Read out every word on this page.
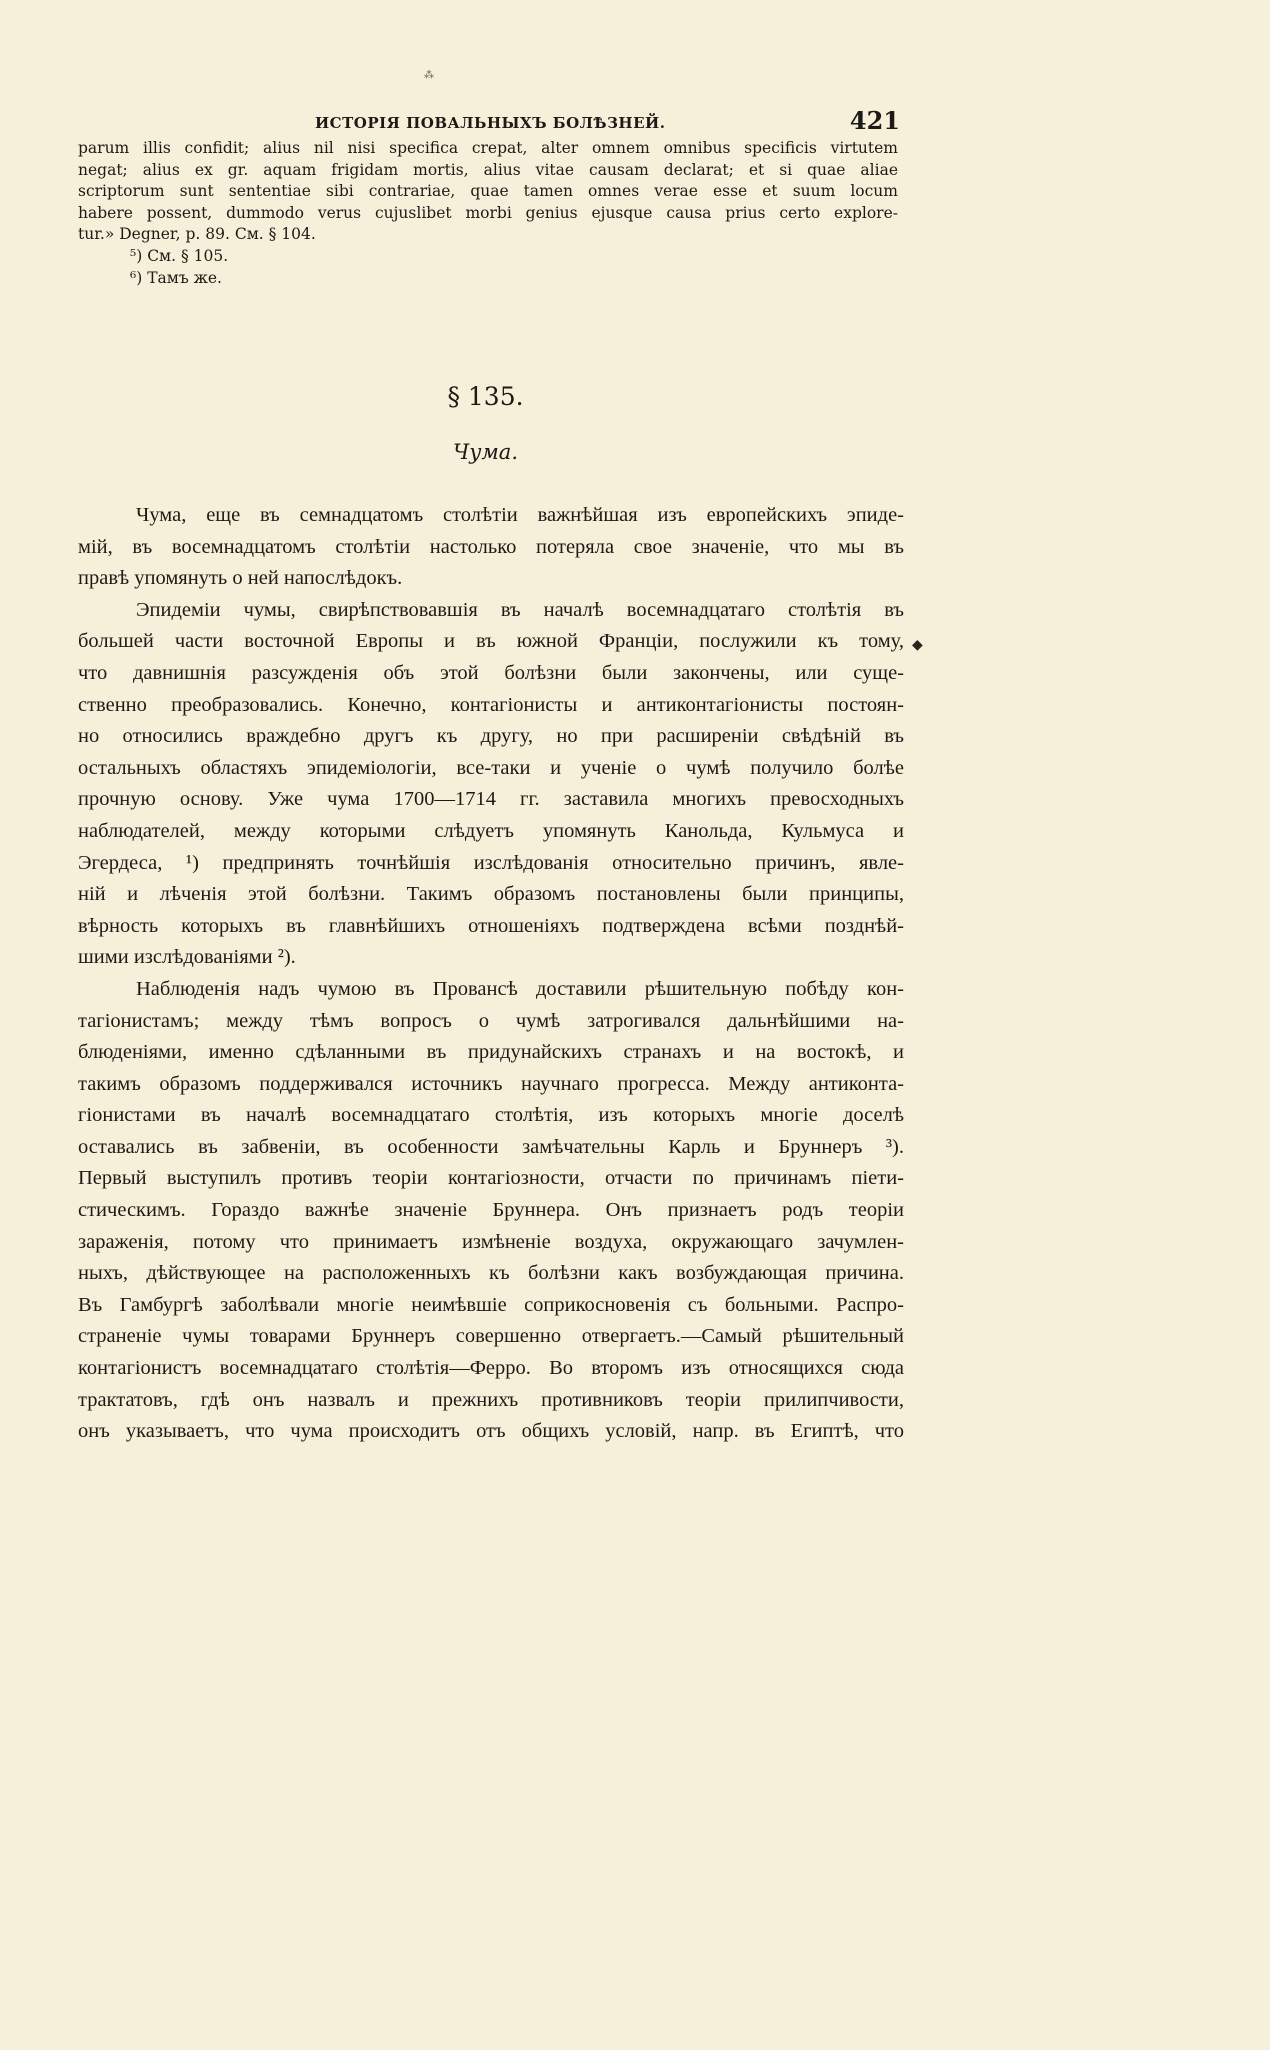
⁂
ИСТОРІЯ ПОВАЛЬНЫХЪ БОЛѢЗНЕЙ.	421
parum illis confidit; alius nil nisi specifica crepat, alter omnem omnibus specificis virtutem
negat; alius ex gr. aquam frigidam mortis, alius vitae causam declarat; et si quae aliae
scriptorum sunt sententiae sibi contrariae, quae tamen omnes verae esse et suum locum
habere possent, dummodo verus cujuslibet morbi genius ejusque causa prius certo explore-
tur.» Degner, p. 89. См. § 104.
⁵) См. § 105.
⁶) Тамъ же.
§ 135.
Чума.
Чума, еще въ семнадцатомъ столѣтіи важнѣйшая изъ европейскихъ эпиде-
мій, въ восемнадцатомъ столѣтіи настолько потеряла свое значеніе, что мы въ
правѣ упомянуть о ней напослѣдокъ.
Эпидеміи чумы, свирѣпствовавшія въ началѣ восемнадцатаго столѣтія въ
большей части восточной Европы и въ южной Франціи, послужили къ тому,
что давнишнія разсужденія объ этой болѣзни были закончены, или суще-
ственно преобразовались. Конечно, контагіонисты и антиконтагіонисты постоян-
но относились враждебно другъ къ другу, но при расширеніи свѣдѣній въ
остальныхъ областяхъ эпидеміологіи, все-таки и ученіе о чумѣ получило болѣе
прочную основу. Уже чума 1700—1714 гг. заставила многихъ превосходныхъ
наблюдателей, между которыми слѣдуетъ упомянуть Канольда, Кульмуса и
Эгердеса, ¹) предпринять точнѣйшія изслѣдованія относительно причинъ, явле-
ній и лѣченія этой болѣзни. Такимъ образомъ постановлены были принципы,
вѣрность которыхъ въ главнѣйшихъ отношеніяхъ подтверждена всѣми позднѣй-
шими изслѣдованіями ²).
Наблюденія надъ чумою въ Провансѣ доставили рѣшительную побѣду кон-
тагіонистамъ; между тѣмъ вопросъ о чумѣ затрогивался дальнѣйшими на-
блюденіями, именно сдѣланными въ придунайскихъ странахъ и на востокѣ, и
такимъ образомъ поддерживался источникъ научнаго прогресса. Между антиконта-
гіонистами въ началѣ восемнадцатаго столѣтія, изъ которыхъ многіе доселѣ
оставались въ забвеніи, въ особенности замѣчательны Карль и Бруннеръ ³).
Первый выступилъ противъ теоріи контагіозности, отчасти по причинамъ піети-
стическимъ. Гораздо важнѣе значеніе Бруннера. Онъ признаетъ родъ теоріи
зараженія, потому что принимаетъ измѣненіе воздуха, окружающаго зачумлен-
ныхъ, дѣйствующее на расположенныхъ къ болѣзни какъ возбуждающая причина.
Въ Гамбургѣ заболѣвали многіе неимѣвшіе соприкосновенія съ больными. Распро-
страненіе чумы товарами Бруннеръ совершенно отвергаетъ.—Самый рѣшительный
контагіонистъ восемнадцатаго столѣтія—Ферро. Во второмъ изъ относящихся сюда
трактатовъ, гдѣ онъ назвалъ и прежнихъ противниковъ теоріи прилипчивости,
онъ указываетъ, что чума происходитъ отъ общихъ условій, напр. въ Египтѣ, что
◆
